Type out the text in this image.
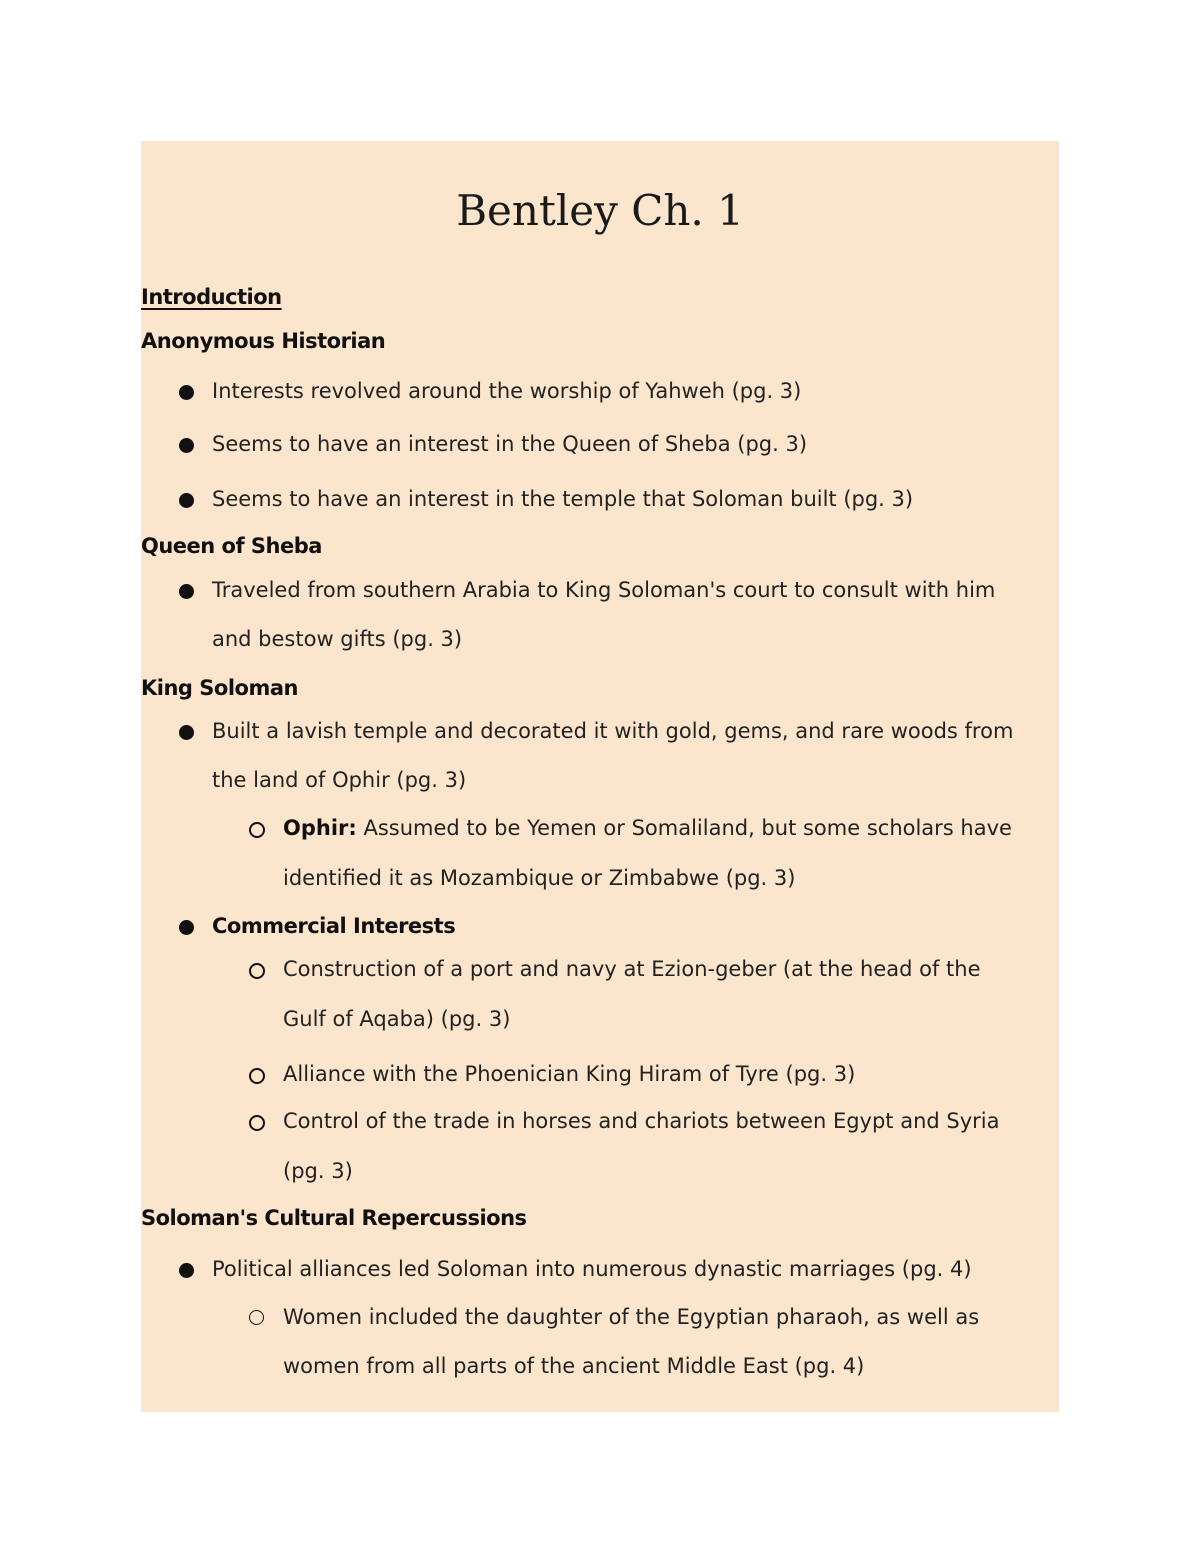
Bentley Ch. 1
Introduction
Anonymous Historian
Interests revolved around the worship of Yahweh (pg. 3)
Seems to have an interest in the Queen of Sheba (pg. 3)
Seems to have an interest in the temple that Soloman built (pg. 3)
Queen of Sheba
Traveled from southern Arabia to King Soloman's court to consult with him
and bestow gifts (pg. 3)
King Soloman
Built a lavish temple and decorated it with gold, gems, and rare woods from
the land of Ophir (pg. 3)
Ophir: Assumed to be Yemen or Somaliland, but some scholars have
identified it as Mozambique or Zimbabwe (pg. 3)
Commercial Interests
Construction of a port and navy at Ezion-geber (at the head of the
Gulf of Aqaba) (pg. 3)
Alliance with the Phoenician King Hiram of Tyre (pg. 3)
Control of the trade in horses and chariots between Egypt and Syria
(pg. 3)
Soloman's Cultural Repercussions
Political alliances led Soloman into numerous dynastic marriages (pg. 4)
Women included the daughter of the Egyptian pharaoh, as well as
women from all parts of the ancient Middle East (pg. 4)
